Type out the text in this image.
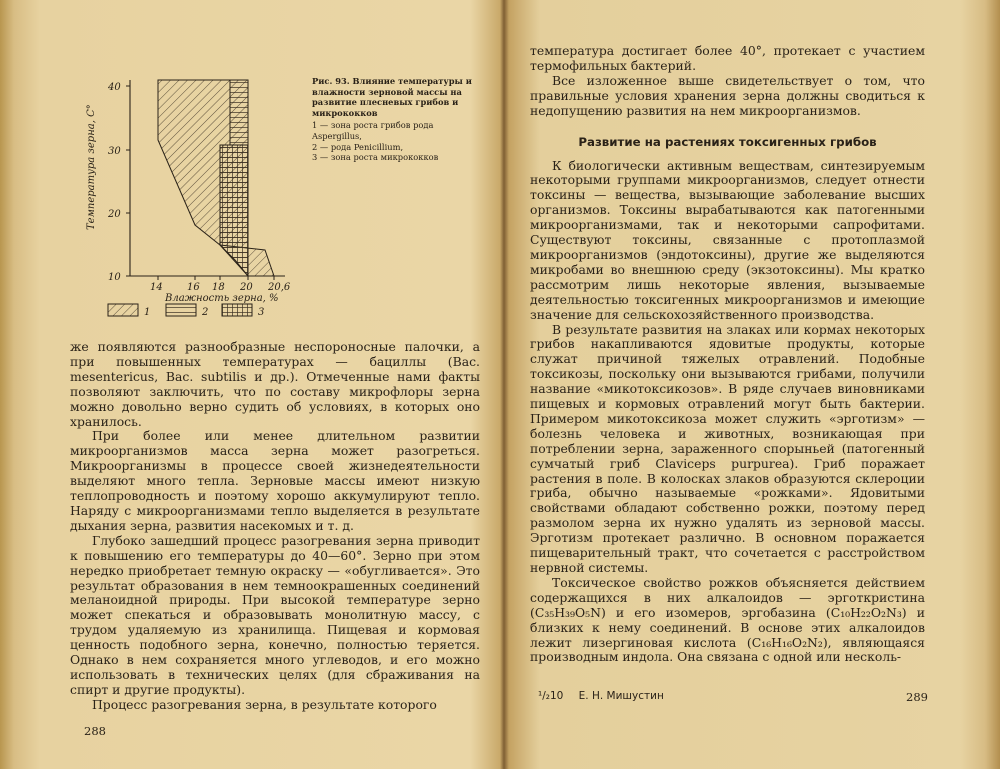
40
30
20
10
14 16 18 20 20,6
Влажность зерна, %
Температура зерна, С°
1	2	3
Рис. 93. Влияние температуры и влажности зерновой массы на развитие плесневых грибов и микрококков
1 — зона роста грибов рода Aspergillus,
2 — рода Penicillium,
3 — зона роста микрококков

же появляются разнообразные неспороносные палочки, а при повышенных температурах — бациллы (Bac. mesentericus, Bac. subtilis и др.). Отмеченные нами факты позволяют заключить, что по составу микрофлоры зерна можно довольно верно судить об условиях, в которых оно хранилось.

При более или менее длительном развитии микроорганизмов масса зерна может разогреться. Микроорганизмы в процессе своей жизнедеятельности выделяют много тепла. Зерновые массы имеют низкую теплопроводность и поэтому хорошо аккумулируют тепло. Наряду с микроорганизмами тепло выделяется в результате дыхания зерна, развития насекомых и т. д.

Глубоко зашедший процесс разогревания зерна приводит к повышению его температуры до 40—60°. Зерно при этом нередко приобретает темную окраску — «обугливается». Это результат образования в нем темноокрашенных соединений меланоидной природы. При высокой температуре зерно может спекаться и образовывать монолитную массу, с трудом удаляемую из хранилища. Пищевая и кормовая ценность подобного зерна, конечно, полностью теряется. Однако в нем сохраняется много углеводов, и его можно использовать в технических целях (для сбраживания на спирт и другие продукты).

Процесс разогревания зерна, в результате которого

288

температура достигает более 40°, протекает с участием термофильных бактерий.

Все изложенное выше свидетельствует о том, что правильные условия хранения зерна должны сводиться к недопущению развития на нем микроорганизмов.

Развитие на растениях токсигенных грибов

К биологически активным веществам, синтезируемым некоторыми группами микроорганизмов, следует отнести токсины — вещества, вызывающие заболевание высших организмов. Токсины вырабатываются как патогенными микроорганизмами, так и некоторыми сапрофитами. Существуют токсины, связанные с протоплазмой микроорганизмов (эндотоксины), другие же выделяются микробами во внешнюю среду (экзотоксины). Мы кратко рассмотрим лишь некоторые явления, вызываемые деятельностью токсигенных микроорганизмов и имеющие значение для сельскохозяйственного производства.

В результате развития на злаках или кормах некоторых грибов накапливаются ядовитые продукты, которые служат причиной тяжелых отравлений. Подобные токсикозы, поскольку они вызываются грибами, получили название «микотоксикозов». В ряде случаев виновниками пищевых и кормовых отравлений могут быть бактерии. Примером микотоксикоза может служить «эрготизм» — болезнь человека и животных, возникающая при потреблении зерна, зараженного спорыньей (патогенный сумчатый гриб Claviceps purpurea). Гриб поражает растения в поле. В колосках злаков образуются склероции гриба, обычно называемые «рожками». Ядовитыми свойствами обладают собственно рожки, поэтому перед размолом зерна их нужно удалять из зерновой массы. Эрготизм протекает различно. В основном поражается пищеварительный тракт, что сочетается с расстройством нервной системы.

Токсическое свойство рожков объясняется действием содержащихся в них алкалоидов — эрготкристина (C₃₅H₃₉O₅N) и его изомеров, эргобазина (C₁₀H₂₂O₂N₃) и близких к нему соединений. В основе этих алкалоидов лежит лизергиновая кислота (C₁₆H₁₆O₂N₂), являющаяся производным индола. Она связана с одной или несколь-

¹/₂10 Е. Н. Мишустин	289
